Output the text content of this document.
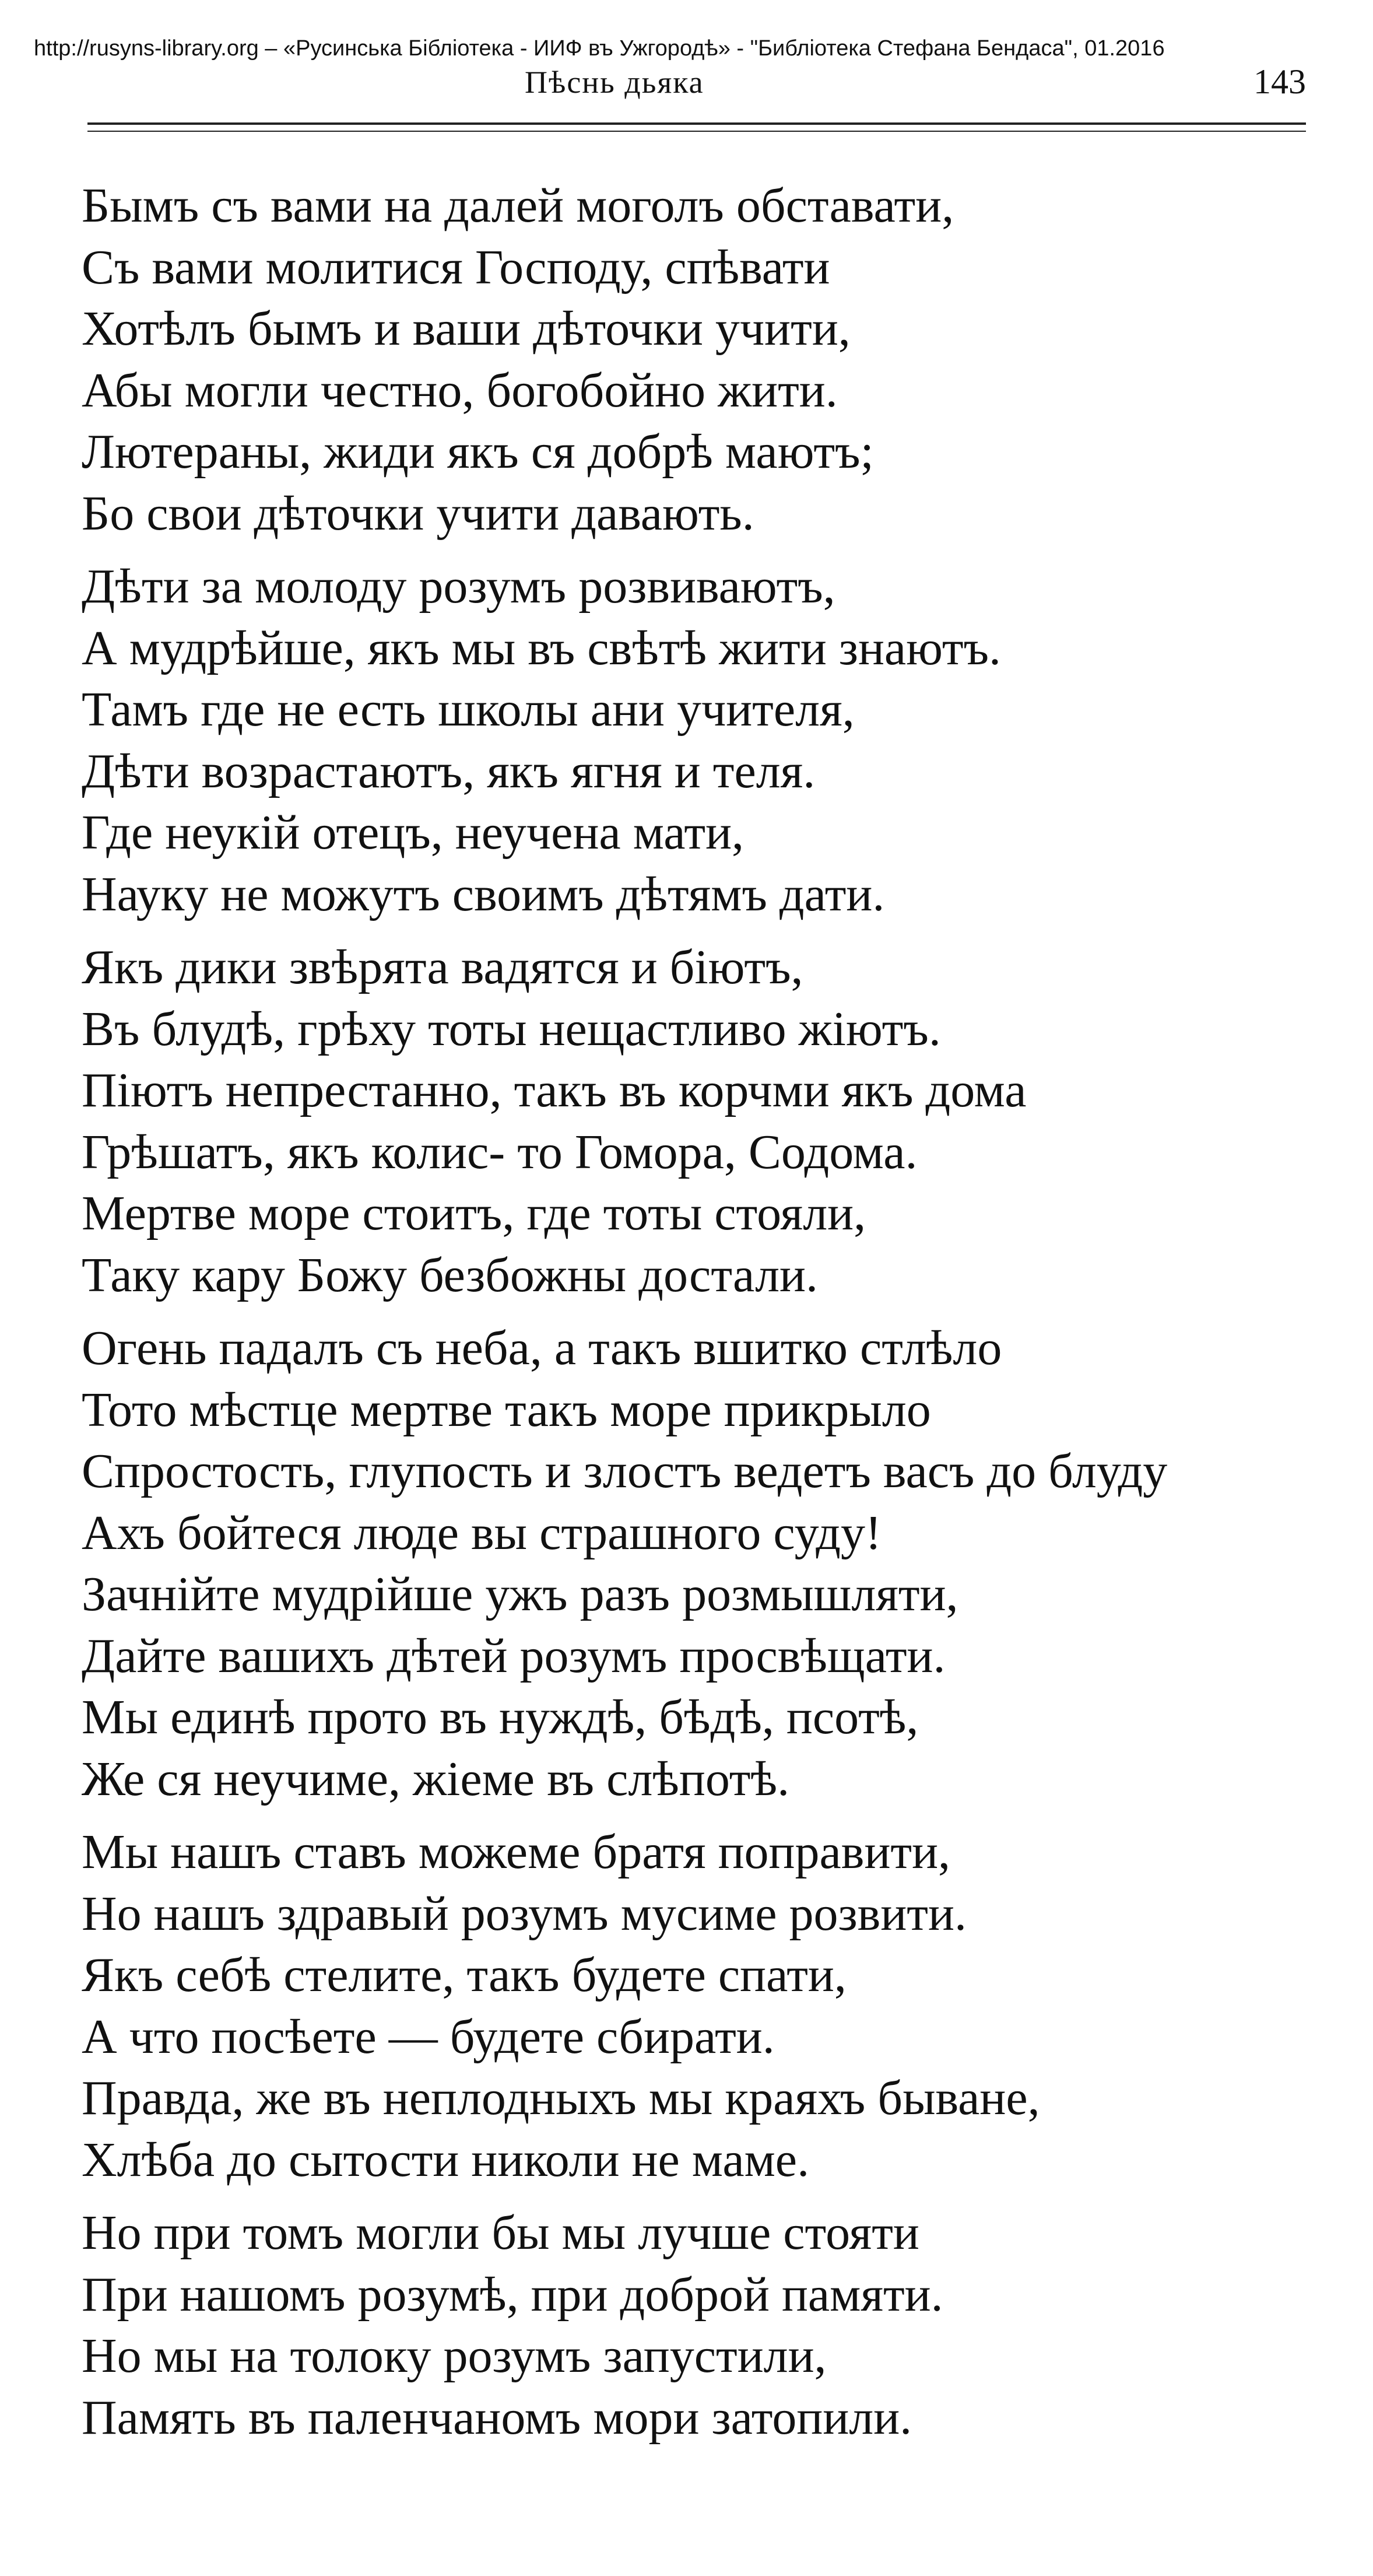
http://rusyns-library.org – «Русинська Бібліотека - ИИФ въ Ужгородѣ» - "Библіотека Стефана Бендаса", 01.2016
Пѣснь дьяка	143
Бымъ съ вами на далей моголъ обставати,
Съ вами молитися Господу, спѣвати
Хотѣлъ бымъ и ваши дѣточки учити,
Абы могли честно, богобойно жити.
Лютераны, жиди якъ ся добрѣ маютъ;
Бо свои дѣточки учити давають.
Дѣти за молоду розумъ розвиваютъ,
А мудрѣйше, якъ мы въ свѣтѣ жити знаютъ.
Тамъ где не есть школы ани учителя,
Дѣти возрастаютъ, якъ ягня и теля.
Где неукій отецъ, неучена мати,
Науку не можутъ своимъ дѣтямъ дати.
Якъ дики звѣрята вадятся и біютъ,
Въ блудѣ, грѣху тоты нещастливо жіютъ.
Піютъ непрестанно, такъ въ корчми якъ дома
Грѣшатъ, якъ колис- то Гомора, Содома.
Мертве море стоитъ, где тоты стояли,
Таку кару Божу безбожны достали.
Огень падалъ съ неба, а такъ вшитко стлѣло
Тото мѣстце мертве такъ море прикрыло
Спростость, глупость и злостъ ведетъ васъ до блуду
Ахъ бойтеся люде вы страшного суду!
Зачнійте мудрійше ужъ разъ розмышляти,
Дайте вашихъ дѣтей розумъ просвѣщати.
Мы единѣ прото въ нуждѣ, бѣдѣ, псотѣ,
Же ся неучиме, жіеме въ слѣпотѣ.
Мы нашъ ставъ можеме братя поправити,
Но нашъ здравый розумъ мусиме розвити.
Якъ себѣ стелите, такъ будете спати,
А что посѣете — будете сбирати.
Правда, же въ неплодныхъ мы краяхъ быване,
Хлѣба до сытости николи не маме.
Но при томъ могли бы мы лучше стояти
При нашомъ розумѣ, при доброй памяти.
Но мы на толоку розумъ запустили,
Память въ паленчаномъ мори затопили.
